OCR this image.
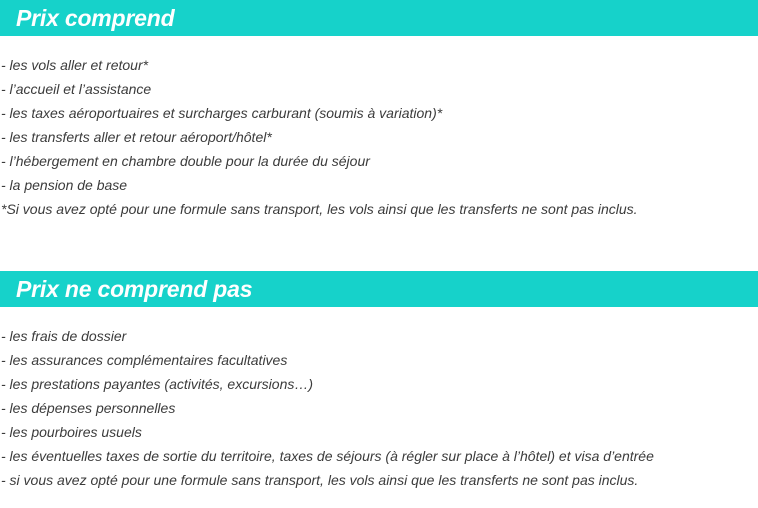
Prix comprend
- les vols aller et retour*
- l’accueil et l’assistance
- les taxes aéroportuaires et surcharges carburant (soumis à variation)*
- les transferts aller et retour aéroport/hôtel*
- l’hébergement en chambre double pour la durée du séjour
- la pension de base
*Si vous avez opté pour une formule sans transport, les vols ainsi que les transferts ne sont pas inclus.
Prix ne comprend pas
- les frais de dossier
- les assurances complémentaires facultatives
- les prestations payantes (activités, excursions…)
- les dépenses personnelles
- les pourboires usuels
- les éventuelles taxes de sortie du territoire, taxes de séjours (à régler sur place à l’hôtel) et visa d’entrée
- si vous avez opté pour une formule sans transport, les vols ainsi que les transferts ne sont pas inclus.
